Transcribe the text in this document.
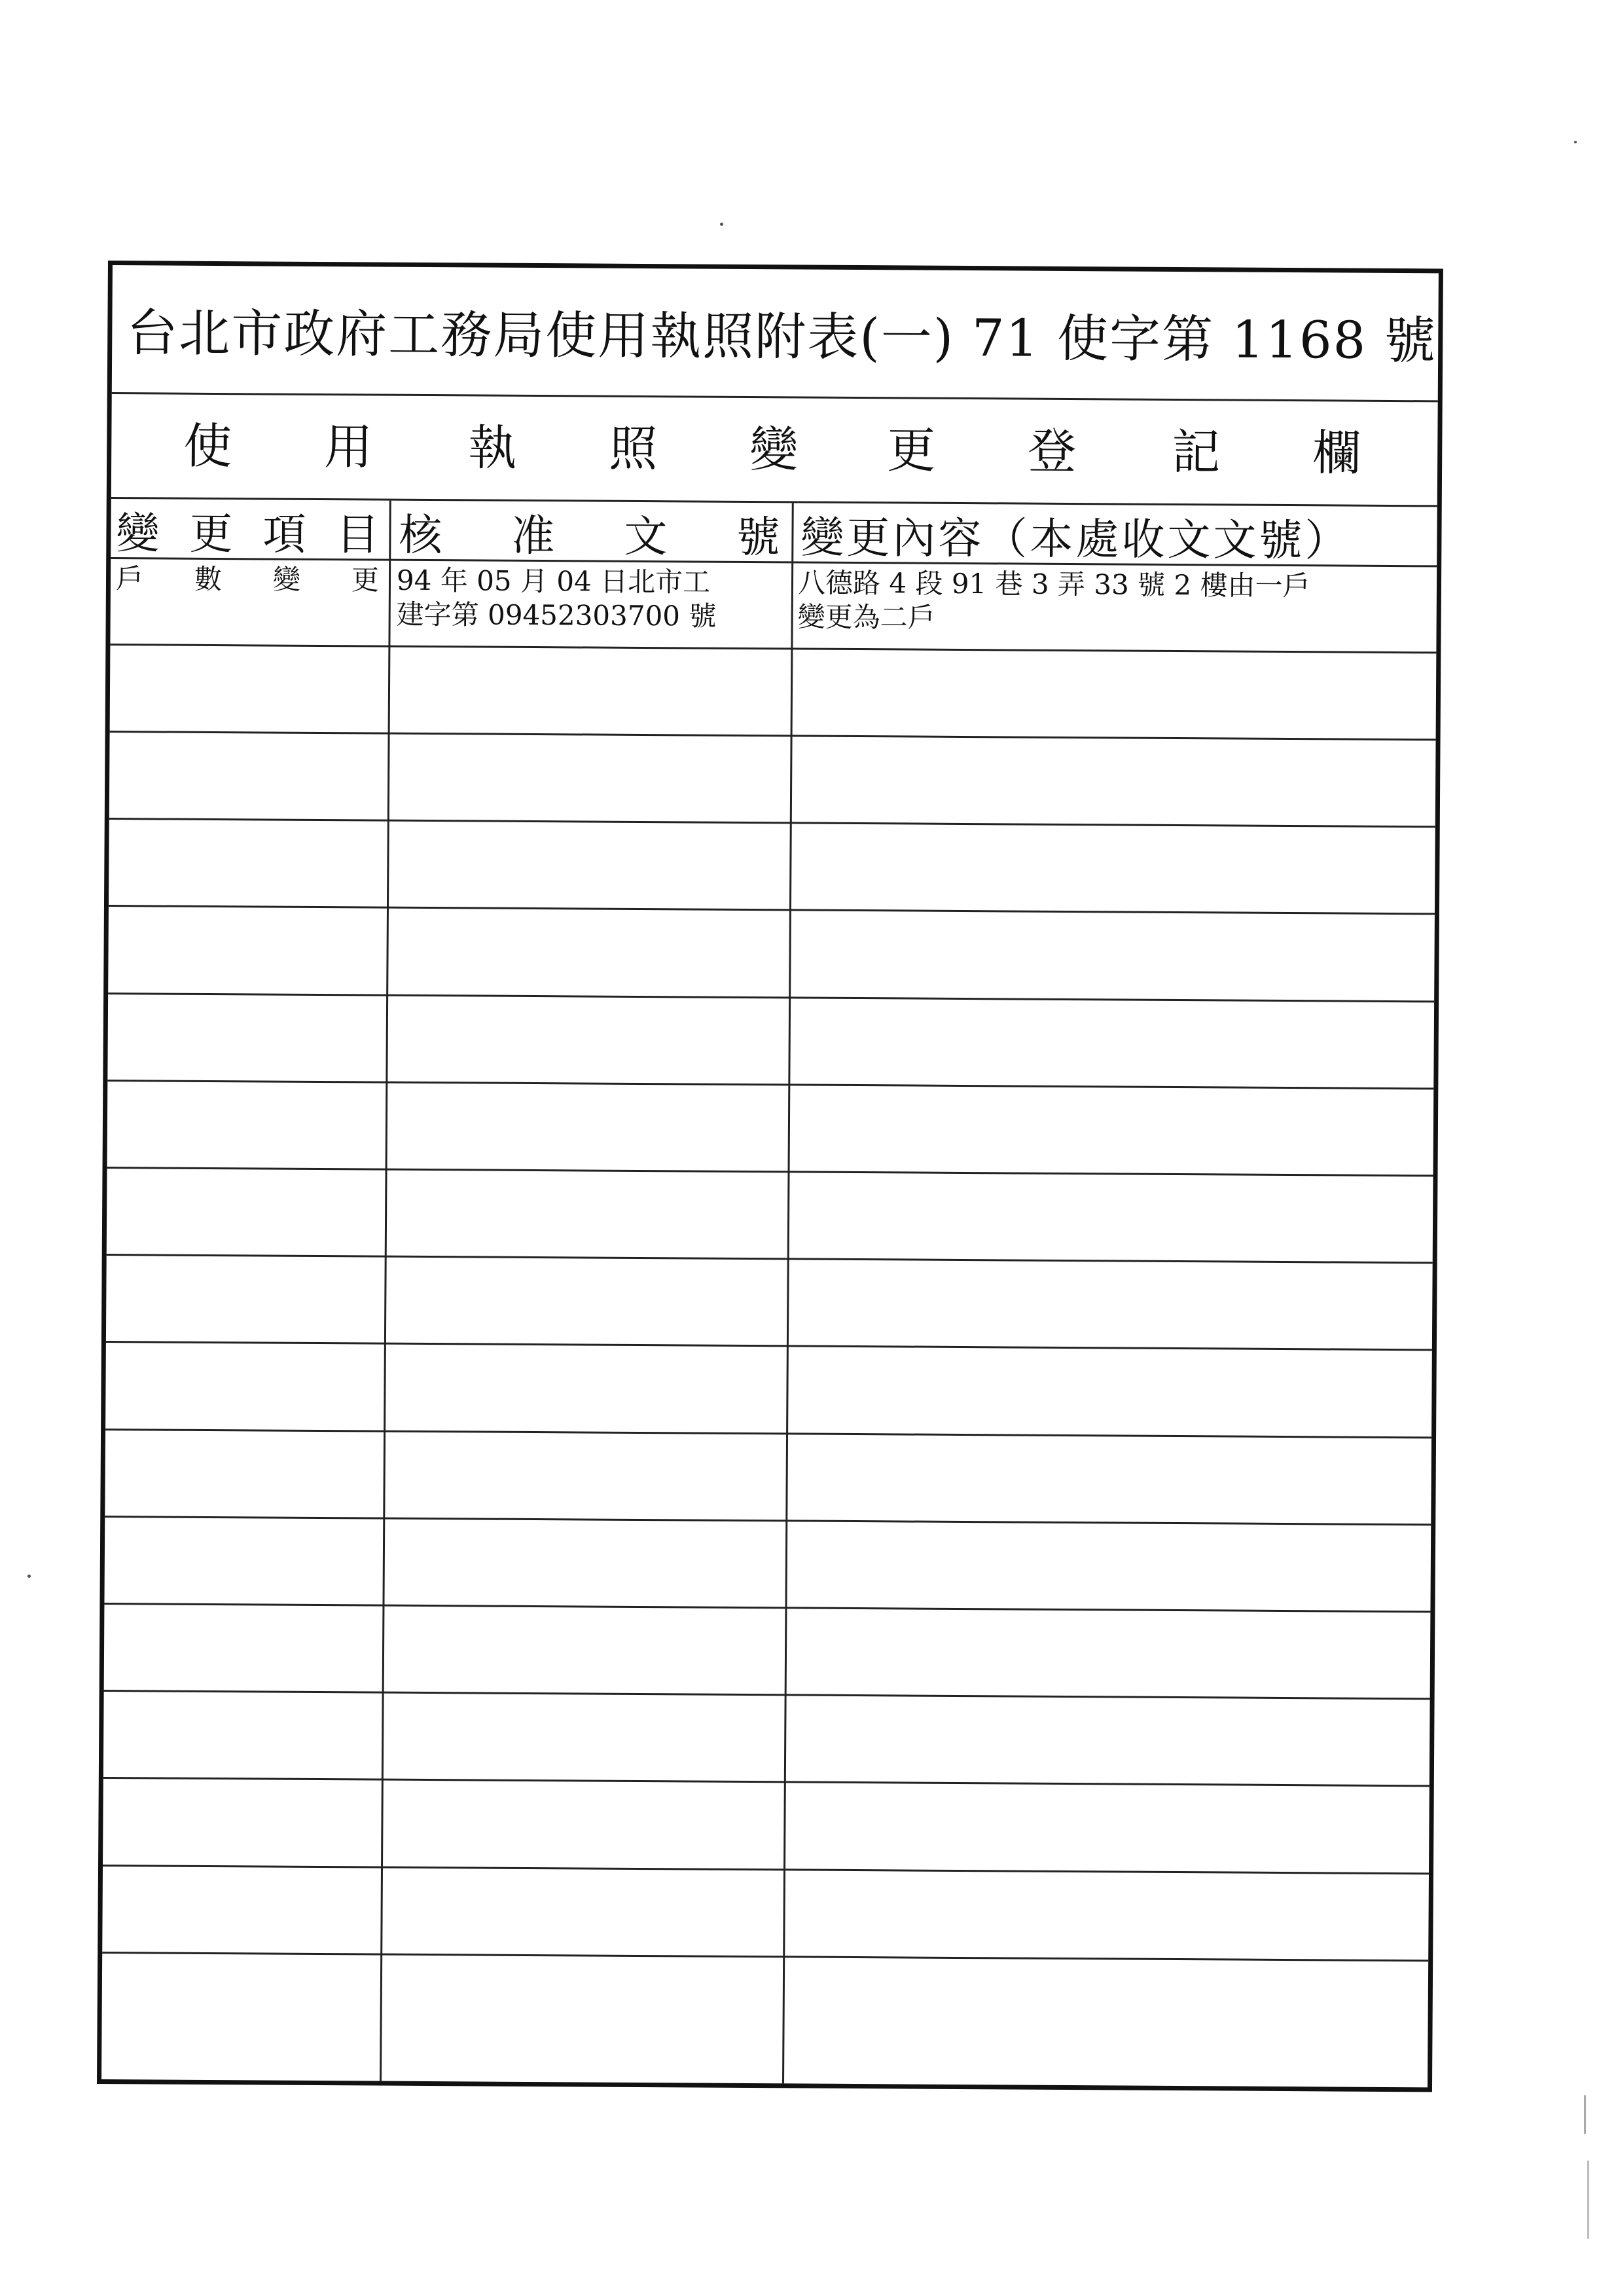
台北市政府工務局使用執照附表(一) 71 使字第 1168 號
使 用 執 照 變 更 登 記 欄
變 更 項 目 核 准 文 號 變更內容（本處收文文號）
戶 數 變 更 94 年 05 月 04 日北市工
建字第 09452303700 號
八德路 4 段 91 巷 3 弄 33 號 2 樓由一戶
變更為二戶
